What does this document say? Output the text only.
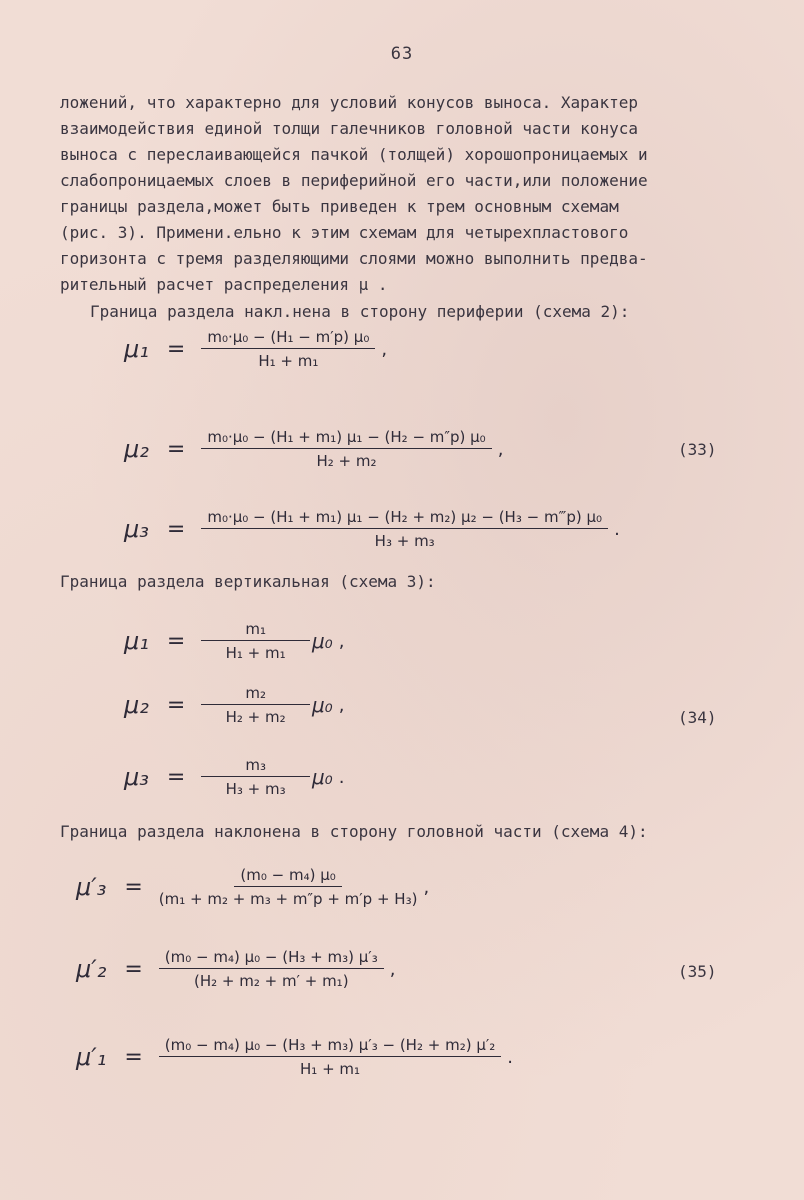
63
ложений, что характерно для условий конусов выноса. Характер
взаимодействия единой толщи галечников головной части конуса
выноса с переслаивающейся пачкой (толщей) хорошопроницаемых и
слабопроницаемых слоев в периферийной его части,или положение
границы раздела,может быть приведен к трем основным схемам
(рис. 3). Примени.ельно к этим схемам для четырехпластового
горизонта с тремя разделяющими слоями можно выполнить предва-
рительный расчет распределения μ .
Граница раздела накл.нена в сторону периферии (схема 2):
$\mu_1 = \frac{\text{m₀·μ₀ − (H₁ − m′p) μ₀}}{\text{H₁ + m₁}}$ ,
$\mu_2 = \frac{\text{m₀·μ₀ − (H₁ + m₁) μ₁ − (H₂ − m″p) μ₀}}{\text{H₂ + m₂}}$ ,	(33)
$\mu_3 = \frac{\text{m₀·μ₀ − (H₁ + m₁) μ₁ − (H₂ + m₂) μ₂ − (H₃ − m‴p) μ₀}}{\text{H₃ + m₃}}$ .
Граница раздела вертикальная (схема 3):
$\mu_1 = \frac{\text{m₁}}{\text{H₁ + m₁}} \mu_0$ ,
$\mu_2 = \frac{\text{m₂}}{\text{H₂ + m₂}} \mu_0$ ,
(34)
$\mu_3 = \frac{\text{m₃}}{\text{H₃ + m₃}} \mu_0$ .
Граница раздела наклонена в сторону головной части (схема 4):
$\mu'_3 = \frac{\text{(m₀ − m₄) μ₀}}{\text{(m₁ + m₂ + m₃ + m″p + m′p + H₃)}}$ ,
$\mu'_2 = \frac{\text{(m₀ − m₄) μ₀ − (H₃ + m₃) μ′₃}}{\text{(H₂ + m₂ + m′ + m₁)}}$ ,	(35)
$\mu'_1 = \frac{\text{(m₀ − m₄) μ₀ − (H₃ + m₃) μ′₃ − (H₂ + m₂) μ′₂}}{\text{H₁ + m₁}}$ .
